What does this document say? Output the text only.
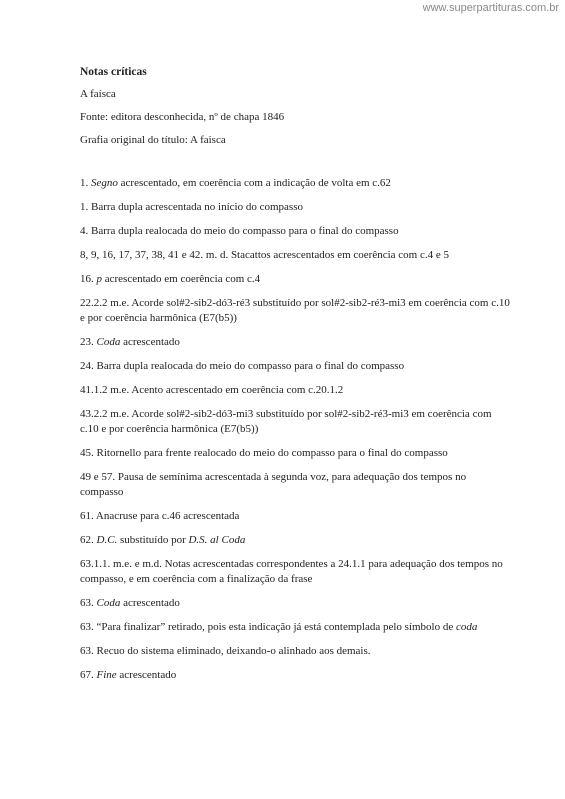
www.superpartituras.com.br
Notas críticas
A faísca
Fonte: editora desconhecida, nº de chapa 1846
Grafia original do título: A faisca
1. Segno acrescentado, em coerência com a indicação de volta em c.62
1. Barra dupla acrescentada no início do compasso
4. Barra dupla realocada do meio do compasso para o final do compasso
8, 9, 16, 17, 37, 38, 41 e 42. m. d. Stacattos acrescentados em coerência com c.4 e 5
16. p acrescentado em coerência com c.4
22.2.2 m.e. Acorde sol#2-sib2-dó3-ré3 substituído por sol#2-sib2-ré3-mi3 em coerência com c.10 e por coerência harmônica (E7(b5))
23. Coda acrescentado
24. Barra dupla realocada do meio do compasso para o final do compasso
41.1.2 m.e. Acento acrescentado em coerência com c.20.1.2
43.2.2 m.e. Acorde sol#2-sib2-dó3-mi3 substituído por sol#2-sib2-ré3-mi3 em coerência com c.10 e por coerência harmônica (E7(b5))
45. Ritornello para frente realocado do meio do compasso para o final do compasso
49 e 57. Pausa de semínima acrescentada à segunda voz, para adequação dos tempos no compasso
61. Anacruse para c.46 acrescentada
62. D.C. substituído por D.S. al Coda
63.1.1. m.e. e m.d. Notas acrescentadas correspondentes a 24.1.1 para adequação dos tempos no compasso, e em coerência com a finalização da frase
63. Coda acrescentado
63. “Para finalizar” retirado, pois esta indicação já está contemplada pelo símbolo de coda
63. Recuo do sistema eliminado, deixando-o alinhado aos demais.
67. Fine acrescentado
